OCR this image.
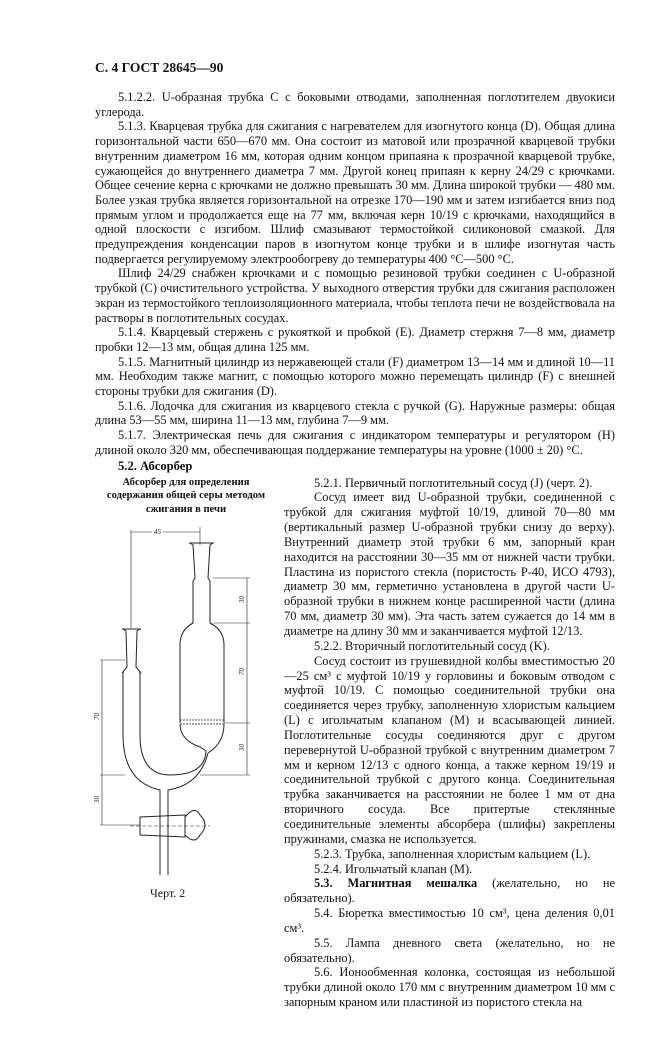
С. 4 ГОСТ 28645—90

5.1.2.2. U-образная трубка C с боковыми отводами, заполненная поглотителем двуокиси углерода.

5.1.3. Кварцевая трубка для сжигания с нагревателем для изогнутого конца (D). Общая длина горизонтальной части 650—670 мм. Она состоит из матовой или прозрачной кварцевой трубки внутренним диаметром 16 мм, которая одним концом припаяна к прозрачной кварцевой трубке, сужающейся до внутреннего диаметра 7 мм. Другой конец припаян к керну 24/29 с крючками. Общее сечение керна с крючками не должно превышать 30 мм. Длина широкой трубки — 480 мм. Более узкая трубка является горизонтальной на отрезке 170—190 мм и затем изгибается вниз под прямым углом и продолжается еще на 77 мм, включая керн 10/19 с крючками, находящийся в одной плоскости с изгибом. Шлиф смазывают термостойкой силиконовой смазкой. Для предупреждения конденсации паров в изогнутом конце трубки и в шлифе изогнутая часть подвергается регулируемому электрообогреву до температуры 400 °С—500 °С.

Шлиф 24/29 снабжен крючками и с помощью резиновой трубки соединен с U-образной трубкой (C) очистительного устройства. У выходного отверстия трубки для сжигания расположен экран из термостойкого теплоизоляционного материала, чтобы теплота печи не воздействовала на растворы в поглотительных сосудах.

5.1.4. Кварцевый стержень с рукояткой и пробкой (E). Диаметр стержня 7—8 мм, диаметр пробки 12—13 мм, общая длина 125 мм.

5.1.5. Магнитный цилиндр из нержавеющей стали (F) диаметром 13—14 мм и длиной 10—11 мм. Необходим также магнит, с помощью которого можно перемещать цилиндр (F) с внешней стороны трубки для сжигания (D).

5.1.6. Лодочка для сжигания из кварцевого стекла с ручкой (G). Наружные размеры: общая длина 53—55 мм, ширина 11—13 мм, глубина 7—9 мм.

5.1.7. Электрическая печь для сжигания с индикатором температуры и регулятором (H) длиной около 320 мм, обеспечивающая поддержание температуры на уровне (1000 ± 20) °С.

5.2. Абсорбер
Абсорбер для определения содержания общей серы методом сжигания в печи
45
30
70
30
70
30
Черт. 2

5.2.1. Первичный поглотительный сосуд (J) (черт. 2).

Сосуд имеет вид U-образной трубки, соединенной с трубкой для сжигания муфтой 10/19, длиной 70—80 мм (вертикальный размер U-образной трубки снизу до верху). Внутренний диаметр этой трубки 6 мм, запорный кран находится на расстоянии 30—35 мм от нижней части трубки. Пластина из пористого стекла (пористость Р-40, ИСО 4793), диаметр 30 мм, герметично установлена в другой части U-образной трубки в нижнем конце расширенной части (длина 70 мм, диаметр 30 мм). Эта часть затем сужается до 14 мм в диаметре на длину 30 мм и заканчивается муфтой 12/13.

5.2.2. Вторичный поглотительный сосуд (K).

Сосуд состоит из грушевидной колбы вместимостью 20—25 см³ с муфтой 10/19 у горловины и боковым отводом с муфтой 10/19. С помощью соединительной трубки она соединяется через трубку, заполненную хлористым кальцием (L) с игольчатым клапаном (M) и всасывающей линией. Поглотительные сосуды соединяются друг с другом перевернутой U-образной трубкой с внутренним диаметром 7 мм и керном 12/13 с одного конца, а также керном 19/19 и соединительной трубкой с другого конца. Соединительная трубка заканчивается на расстоянии не более 1 мм от дна вторичного сосуда. Все притертые стеклянные соединительные элементы абсорбера (шлифы) закреплены пружинами, смазка не используется.

5.2.3. Трубка, заполненная хлористым кальцием (L).

5.2.4. Игольчатый клапан (M).

5.3. Магнитная мешалка (желательно, но не обязательно).

5.4. Бюретка вместимостью 10 см³, цена деления 0,01 см³.

5.5. Лампа дневного света (желательно, но не обязательно).

5.6. Ионообменная колонка, состоящая из небольшой трубки длиной около 170 мм с внутренним диаметром 10 мм с запорным краном или пластиной из пористого стекла на
